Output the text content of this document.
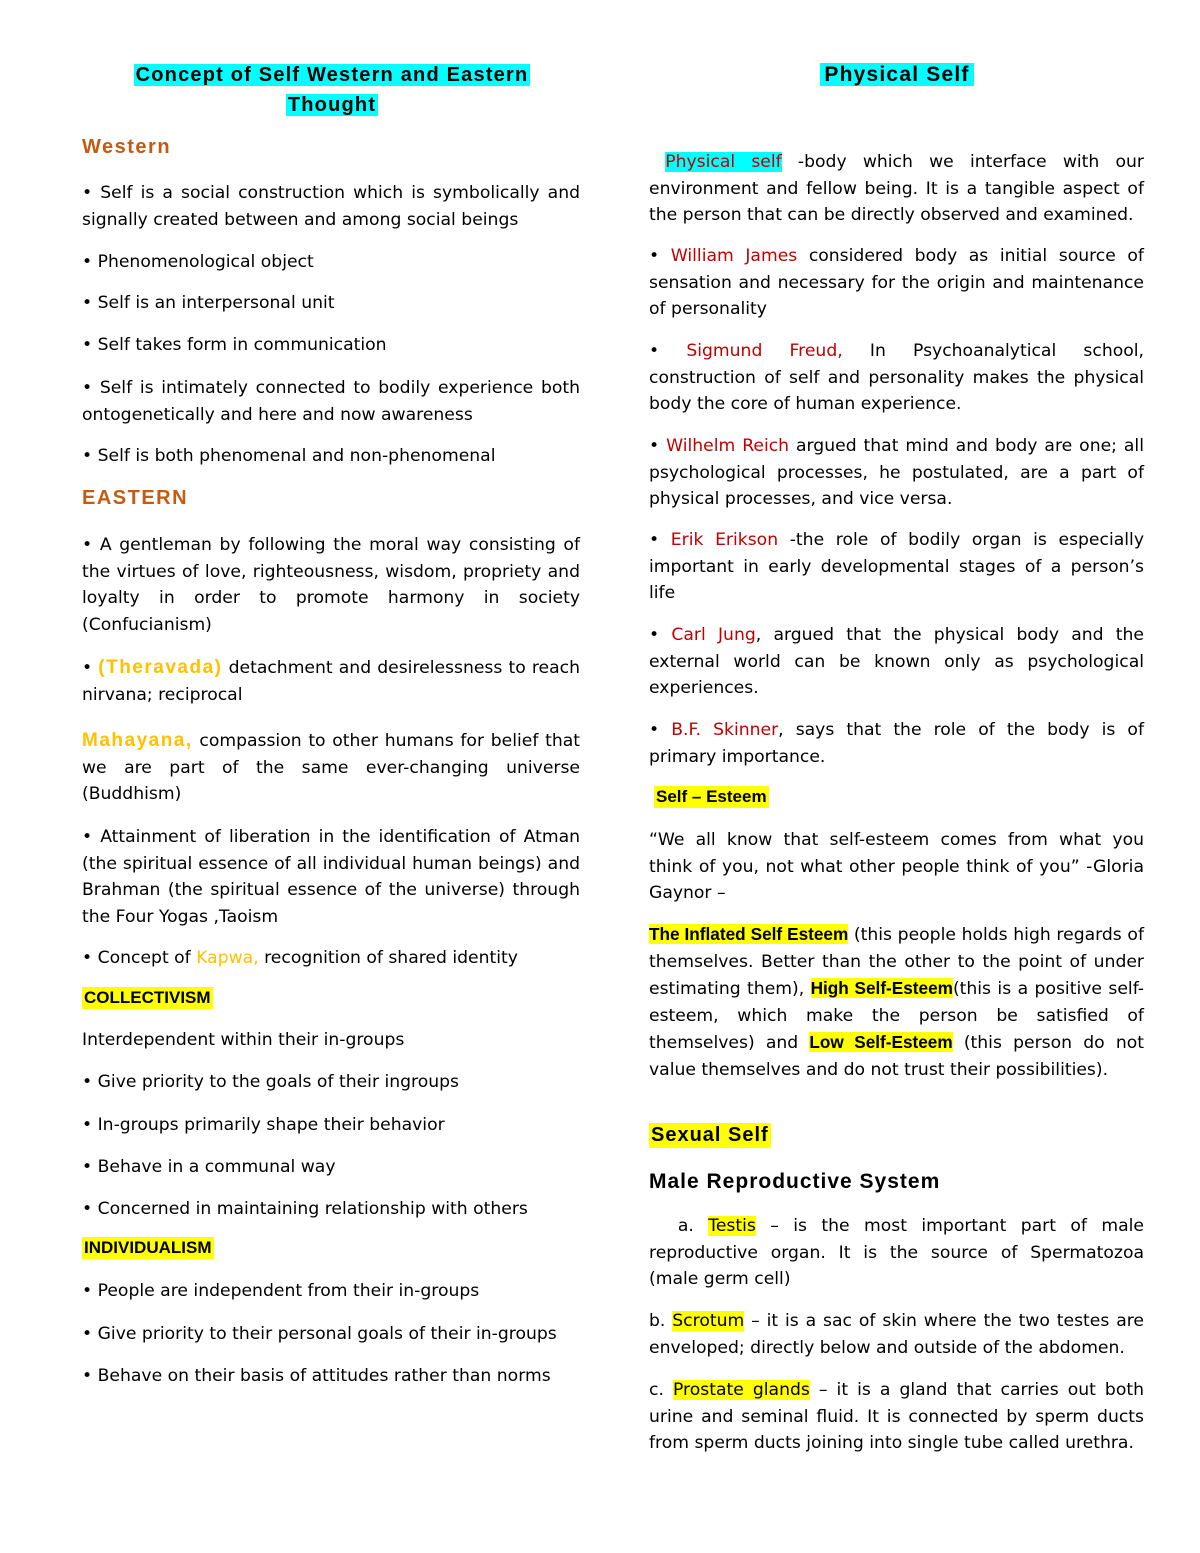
Concept of Self Western and Eastern
Thought
Western
• Self is a social construction which is symbolically and signally created between and among social beings
• Phenomenological object
• Self is an interpersonal unit
• Self takes form in communication
• Self is intimately connected to bodily experience both ontogenetically and here and now awareness
• Self is both phenomenal and non-phenomenal
EASTERN
• A gentleman by following the moral way consisting of the virtues of love, righteousness, wisdom, propriety and loyalty in order to promote harmony in society (Confucianism)
• (Theravada) detachment and desirelessness to reach nirvana; reciprocal
Mahayana, compassion to other humans for belief that we are part of the same ever-changing universe (Buddhism)
• Attainment of liberation in the identification of Atman (the spiritual essence of all individual human beings) and Brahman (the spiritual essence of the universe) through the Four Yogas ,Taoism
• Concept of Kapwa, recognition of shared identity
COLLECTIVISM
Interdependent within their in-groups
• Give priority to the goals of their ingroups
• In-groups primarily shape their behavior
• Behave in a communal way
• Concerned in maintaining relationship with others
INDIVIDUALISM
• People are independent from their in-groups
• Give priority to their personal goals of their in-groups
• Behave on their basis of attitudes rather than norms
Physical Self
Physical self -body which we interface with our environment and fellow being. It is a tangible aspect of the person that can be directly observed and examined.
• William James considered body as initial source of sensation and necessary for the origin and maintenance of personality
• Sigmund Freud, In Psychoanalytical school, construction of self and personality makes the physical body the core of human experience.
• Wilhelm Reich argued that mind and body are one; all psychological processes, he postulated, are a part of physical processes, and vice versa.
• Erik Erikson -the role of bodily organ is especially important in early developmental stages of a person’s life
• Carl Jung, argued that the physical body and the external world can be known only as psychological experiences.
• B.F. Skinner, says that the role of the body is of primary importance.
Self – Esteem
“We all know that self-esteem comes from what you think of you, not what other people think of you” -Gloria Gaynor –
The Inflated Self Esteem (this people holds high regards of themselves. Better than the other to the point of under estimating them), High Self-Esteem(this is a positive self-esteem, which make the person be satisfied of themselves) and Low Self-Esteem (this person do not value themselves and do not trust their possibilities).
Sexual Self
Male Reproductive System
a. Testis – is the most important part of male reproductive organ. It is the source of Spermatozoa (male germ cell)
b. Scrotum – it is a sac of skin where the two testes are enveloped; directly below and outside of the abdomen.
c. Prostate glands – it is a gland that carries out both urine and seminal fluid. It is connected by sperm ducts from sperm ducts joining into single tube called urethra.
